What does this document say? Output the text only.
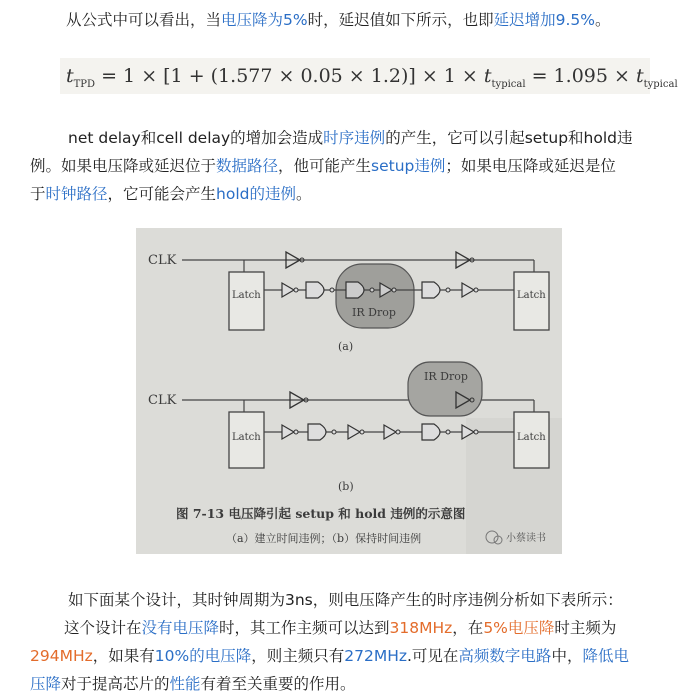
从公式中可以看出，当电压降为5%时，延迟值如下所示，也即延迟增加9.5%。
$t_{TPD} = 1 \times [1 + (1.577 \times 0.05 \times 1.2)] \times 1 \times t_{typical} = 1.095 \times t_{typical}$
net delay和cell delay的增加会造成时序违例的产生，它可以引起setup和hold违
例。如果电压降或延迟位于数据路径，他可能产生setup违例；如果电压降或延迟是位
于时钟路径，它可能会产生hold的违例。
CLK
Latch	Latch
IR Drop
(a)
CLK
IR Drop
Latch	Latch
(b)
图 7-13 电压降引起 setup 和 hold 违例的示意图
（a）建立时间违例；（b）保持时间违例	小蔡读书
如下面某个设计，其时钟周期为3ns，则电压降产生的时序违例分析如下表所示：
这个设计在没有电压降时，其工作主频可以达到318MHz，在5%电压降时主频为
294MHz，如果有10%的电压降，则主频只有272MHz.可见在高频数字电路中，降低电
压降对于提高芯片的性能有着至关重要的作用。
